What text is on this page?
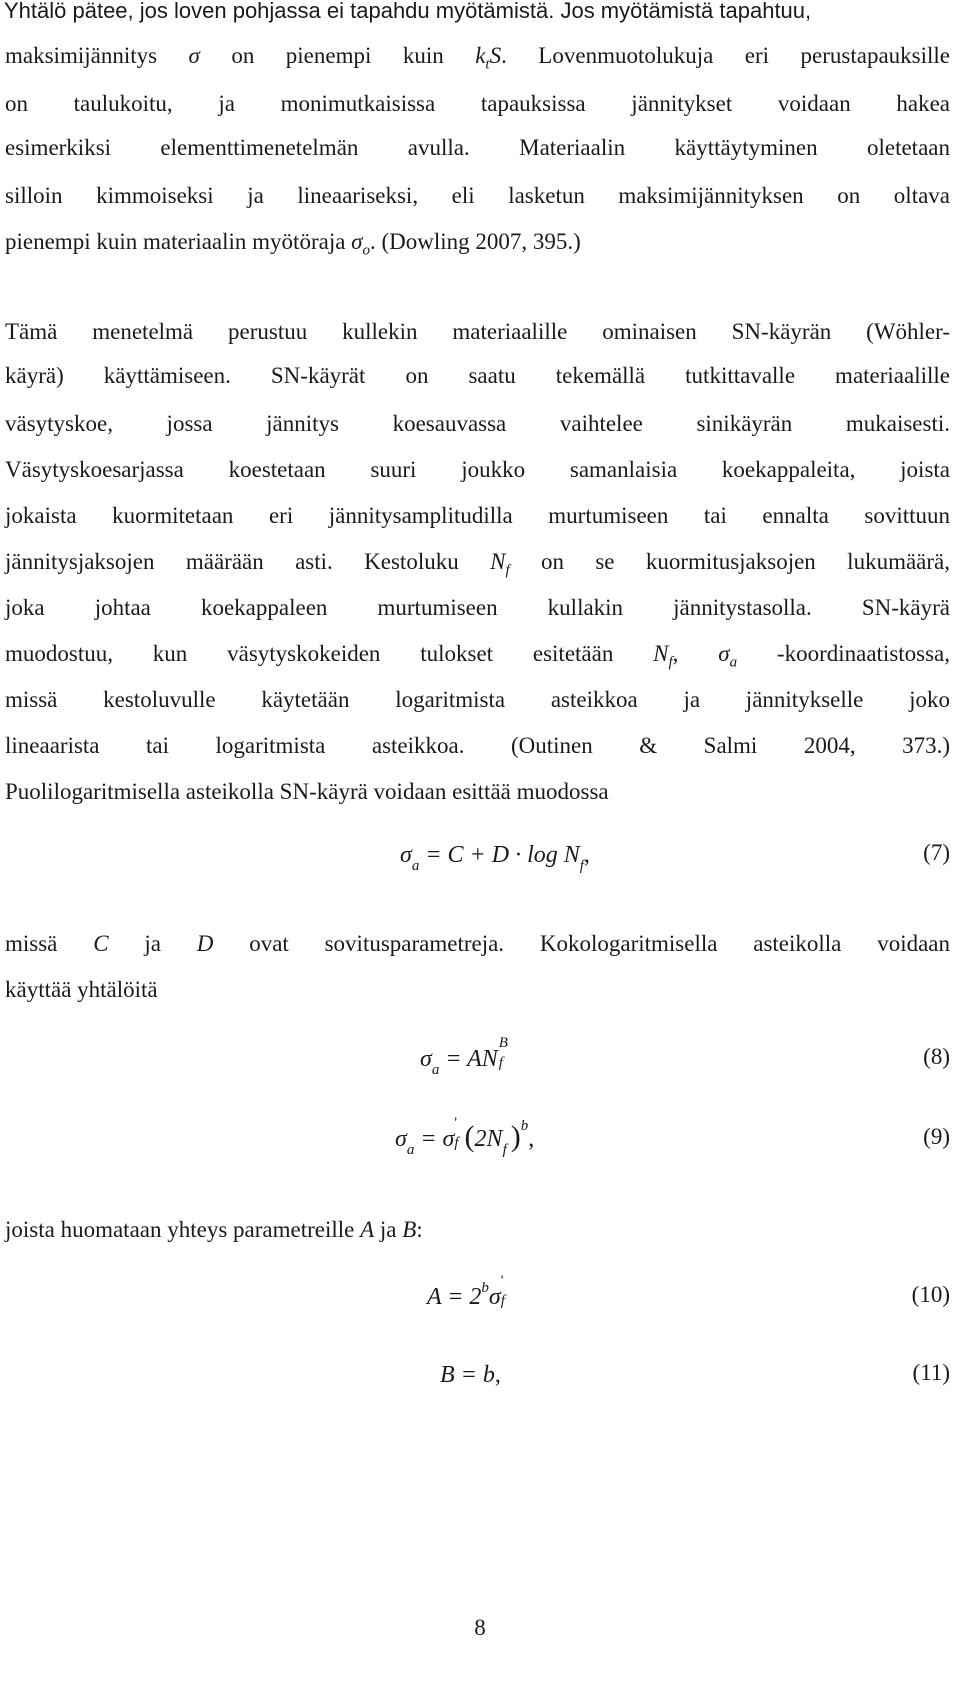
Yhtälö pätee, jos loven pohjassa ei tapahdu myötämistä. Jos myötämistä tapahtuu,
maksimijännitys σ on pienempi kuin $k_tS$. Lovenmuotolukuja eri perustapauksille
on taulukoitu, ja monimutkaisissa tapauksissa jännitykset voidaan hakea
esimerkiksi elementtimenetelmän avulla. Materiaalin käyttäytyminen oletetaan
silloin kimmoiseksi ja lineaariseksi, eli lasketun maksimijännityksen on oltava
pienempi kuin materiaalin myötöraja $\sigma_o$. (Dowling 2007, 395.)
Tämä menetelmä perustuu kullekin materiaalille ominaisen SN-käyrän (Wöhler-
käyrä) käyttämiseen. SN-käyrät on saatu tekemällä tutkittavalle materiaalille
väsytyskoe, jossa jännitys koesauvassa vaihtelee sinikäyrän mukaisesti.
Väsytyskoesarjassa koestetaan suuri joukko samanlaisia koekappaleita, joista
jokaista kuormitetaan eri jännitysamplitudilla murtumiseen tai ennalta sovittuun
jännitysjaksojen määrään asti. Kestoluku $N_f$ on se kuormitusjaksojen lukumäärä,
joka johtaa koekappaleen murtumiseen kullakin jännitystasolla. SN-käyrä
muodostuu, kun väsytyskokeiden tulokset esitetään $N_f$, $\sigma_a$ -koordinaatistossa,
missä kestoluvulle käytetään logaritmista asteikkoa ja jännitykselle joko
lineaarista tai logaritmista asteikkoa. (Outinen & Salmi 2004, 373.)
Puolilogaritmisella asteikolla SN-käyrä voidaan esittää muodossa
$\sigma_a = C + D \cdot \log N_f$,	(7)
missä C ja D ovat sovitusparametreja. Kokologaritmisella asteikolla voidaan
käyttää yhtälöitä
$\sigma_a$ = AN
B
f	(8)
$\sigma_a = \sigma$
'
f ($2N_f$ )$^b$,	(9)
joista huomataan yhteys parametreille A ja B:
$A = 2^b\sigma$
'
f	(10)
B = b,	(11)
8
